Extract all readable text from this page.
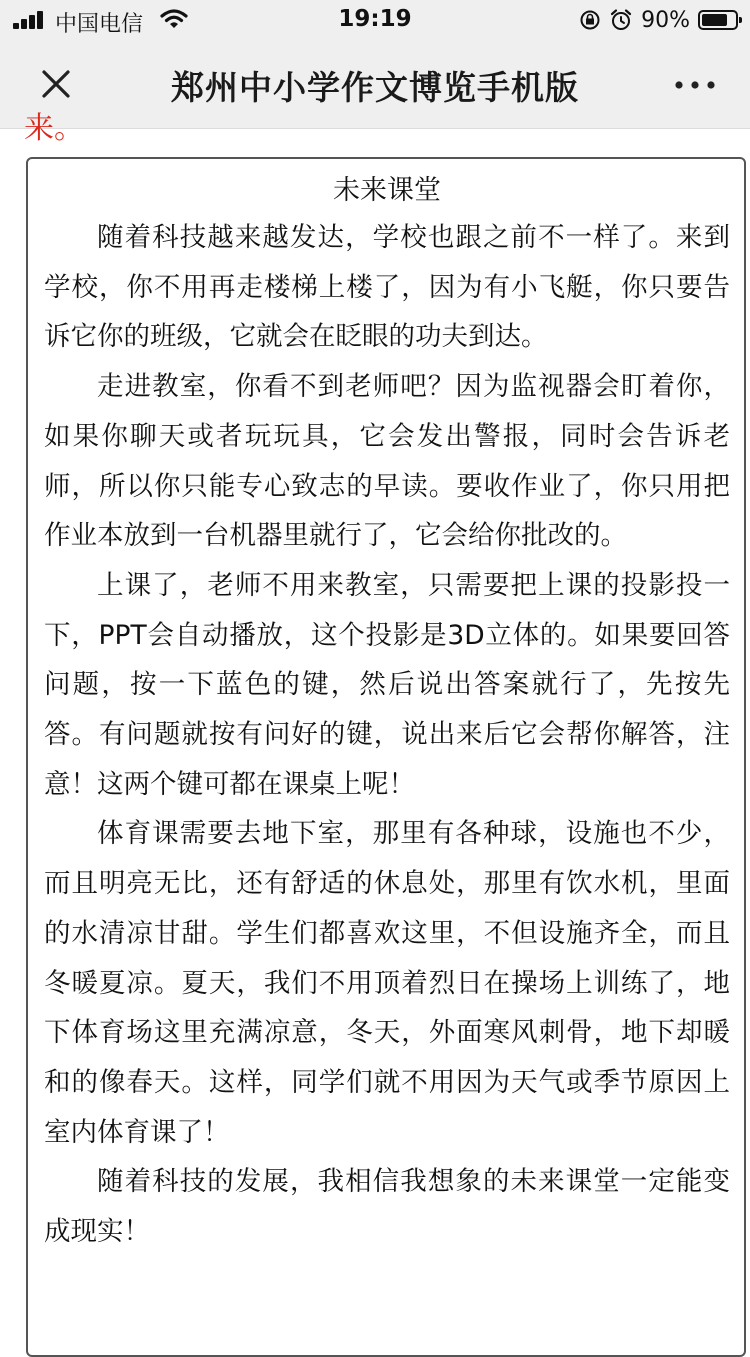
中国电信	19:19	90%
郑州中小学作文博览手机版
来。
未来课堂

随着科技越来越发达，学校也跟之前不一样了。来到学校，你不用再走楼梯上楼了，因为有小飞艇，你只要告诉它你的班级，它就会在眨眼的功夫到达。

走进教室，你看不到老师吧？因为监视器会盯着你，如果你聊天或者玩玩具，它会发出警报，同时会告诉老师，所以你只能专心致志的早读。要收作业了，你只用把作业本放到一台机器里就行了，它会给你批改的。

上课了，老师不用来教室，只需要把上课的投影投一下，PPT会自动播放，这个投影是3D立体的。如果要回答问题，按一下蓝色的键，然后说出答案就行了，先按先答。有问题就按有问好的键，说出来后它会帮你解答，注意！这两个键可都在课桌上呢！

体育课需要去地下室，那里有各种球，设施也不少，而且明亮无比，还有舒适的休息处，那里有饮水机，里面的水清凉甘甜。学生们都喜欢这里，不但设施齐全，而且冬暖夏凉。夏天，我们不用顶着烈日在操场上训练了，地下体育场这里充满凉意，冬天，外面寒风刺骨，地下却暖和的像春天。这样，同学们就不用因为天气或季节原因上室内体育课了！

随着科技的发展，我相信我想象的未来课堂一定能变成现实！
